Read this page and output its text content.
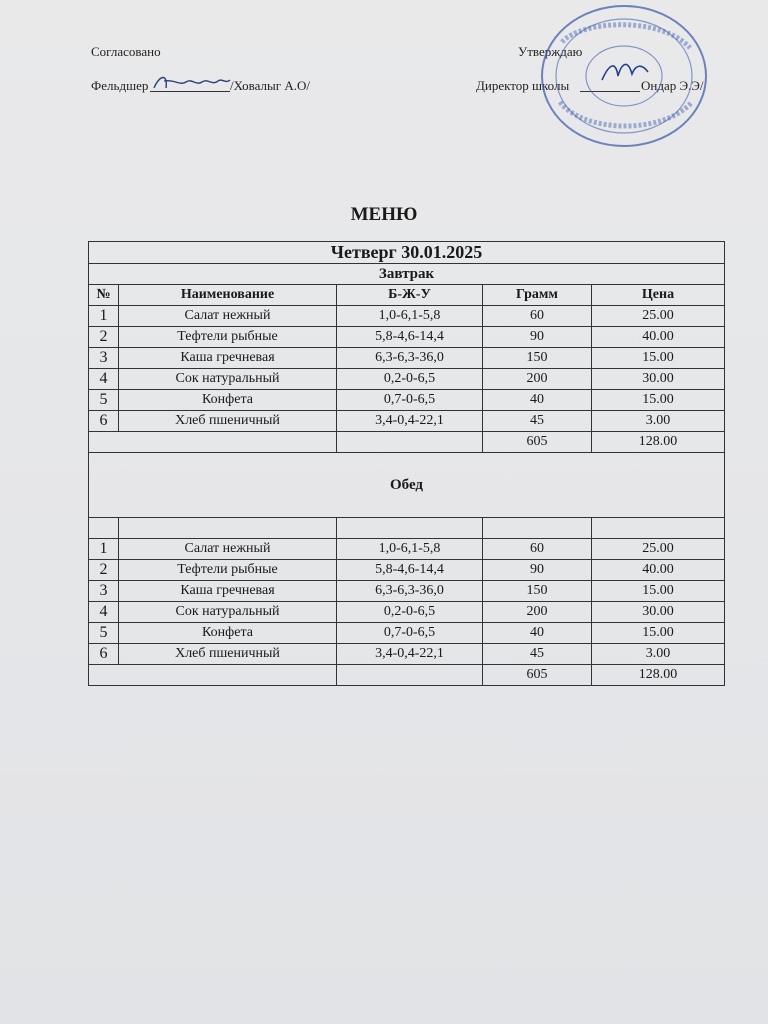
Согласовано
Фельдшер	/Ховалыг А.О/
Утверждаю
Директор школы	Ондар Э.Э/
МЕНЮ
Четверг 30.01.2025				
Завтрак				
№	Наименование	Б-Ж-У	Грамм	Цена
1	Салат нежный	1,0-6,1-5,8	60	25.00
2	Тефтели рыбные	5,8-4,6-14,4	90	40.00
3	Каша гречневая	6,3-6,3-36,0	150	15.00
4	Сок натуральный	0,2-0-6,5	200	30.00
5	Конфета	0,7-0-6,5	40	15.00
6	Хлеб пшеничный	3,4-0,4-22,1	45	3.00
			605	128.00
Обед				

1	Салат нежный	1,0-6,1-5,8	60	25.00
2	Тефтели рыбные	5,8-4,6-14,4	90	40.00
3	Каша гречневая	6,3-6,3-36,0	150	15.00
4	Сок натуральный	0,2-0-6,5	200	30.00
5	Конфета	0,7-0-6,5	40	15.00
6	Хлеб пшеничный	3,4-0,4-22,1	45	3.00
			605	128.00
